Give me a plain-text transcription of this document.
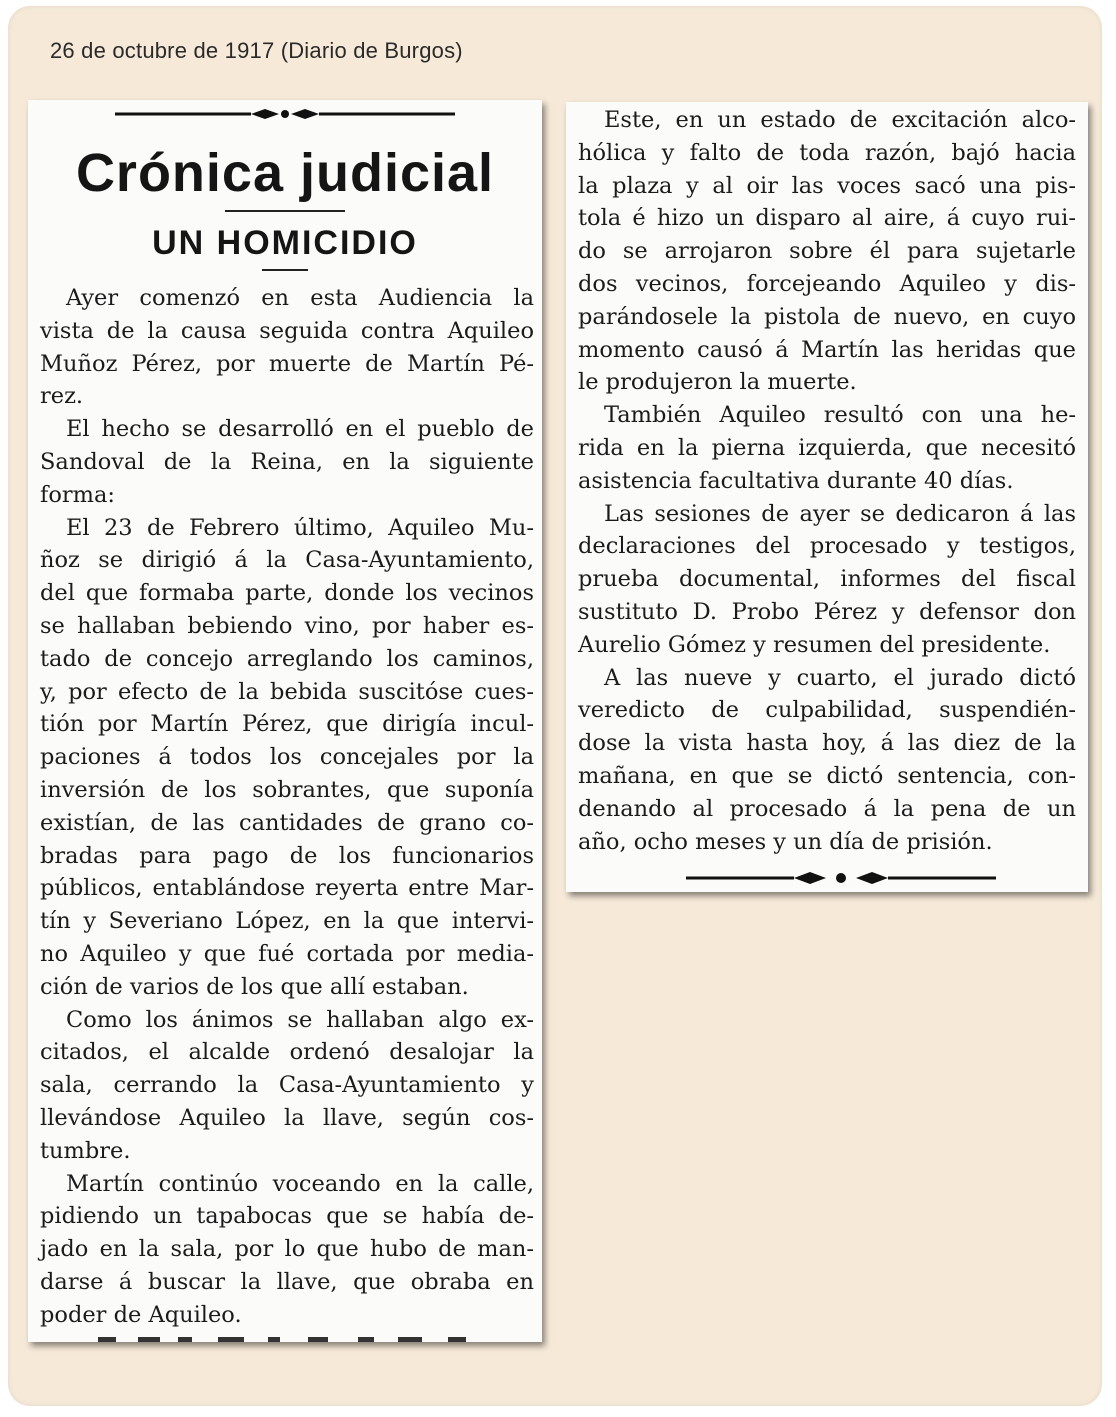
26 de octubre de 1917 (Diario de Burgos)
Crónica judicial
UN HOMICIDIO
Ayer comenzó en esta Audiencia la
vista de la causa seguida contra Aquileo
Muñoz Pérez, por muerte de Martín Pé-
rez.
El hecho se desarrolló en el pueblo de
Sandoval de la Reina, en la siguiente
forma:
El 23 de Febrero último, Aquileo Mu-
ñoz se dirigió á la Casa-Ayuntamiento,
del que formaba parte, donde los vecinos
se hallaban bebiendo vino, por haber es-
tado de concejo arreglando los caminos,
y, por efecto de la bebida suscitóse cues-
tión por Martín Pérez, que dirigía incul-
paciones á todos los concejales por la
inversión de los sobrantes, que suponía
existían, de las cantidades de grano co-
bradas para pago de los funcionarios
públicos, entablándose reyerta entre Mar-
tín y Severiano López, en la que intervi-
no Aquileo y que fué cortada por media-
ción de varios de los que allí estaban.
Como los ánimos se hallaban algo ex-
citados, el alcalde ordenó desalojar la
sala, cerrando la Casa-Ayuntamiento y
llevándose Aquileo la llave, según cos-
tumbre.
Martín continúo voceando en la calle,
pidiendo un tapabocas que se había de-
jado en la sala, por lo que hubo de man-
darse á buscar la llave, que obraba en
poder de Aquileo.
Este, en un estado de excitación alco-
hólica y falto de toda razón, bajó hacia
la plaza y al oir las voces sacó una pis-
tola é hizo un disparo al aire, á cuyo rui-
do se arrojaron sobre él para sujetarle
dos vecinos, forcejeando Aquileo y dis-
parándosele la pistola de nuevo, en cuyo
momento causó á Martín las heridas que
le produjeron la muerte.
También Aquileo resultó con una he-
rida en la pierna izquierda, que necesitó
asistencia facultativa durante 40 días.
Las sesiones de ayer se dedicaron á las
declaraciones del procesado y testigos,
prueba documental, informes del fiscal
sustituto D. Probo Pérez y defensor don
Aurelio Gómez y resumen del presidente.
A las nueve y cuarto, el jurado dictó
veredicto de culpabilidad, suspendién-
dose la vista hasta hoy, á las diez de la
mañana, en que se dictó sentencia, con-
denando al procesado á la pena de un
año, ocho meses y un día de prisión.
